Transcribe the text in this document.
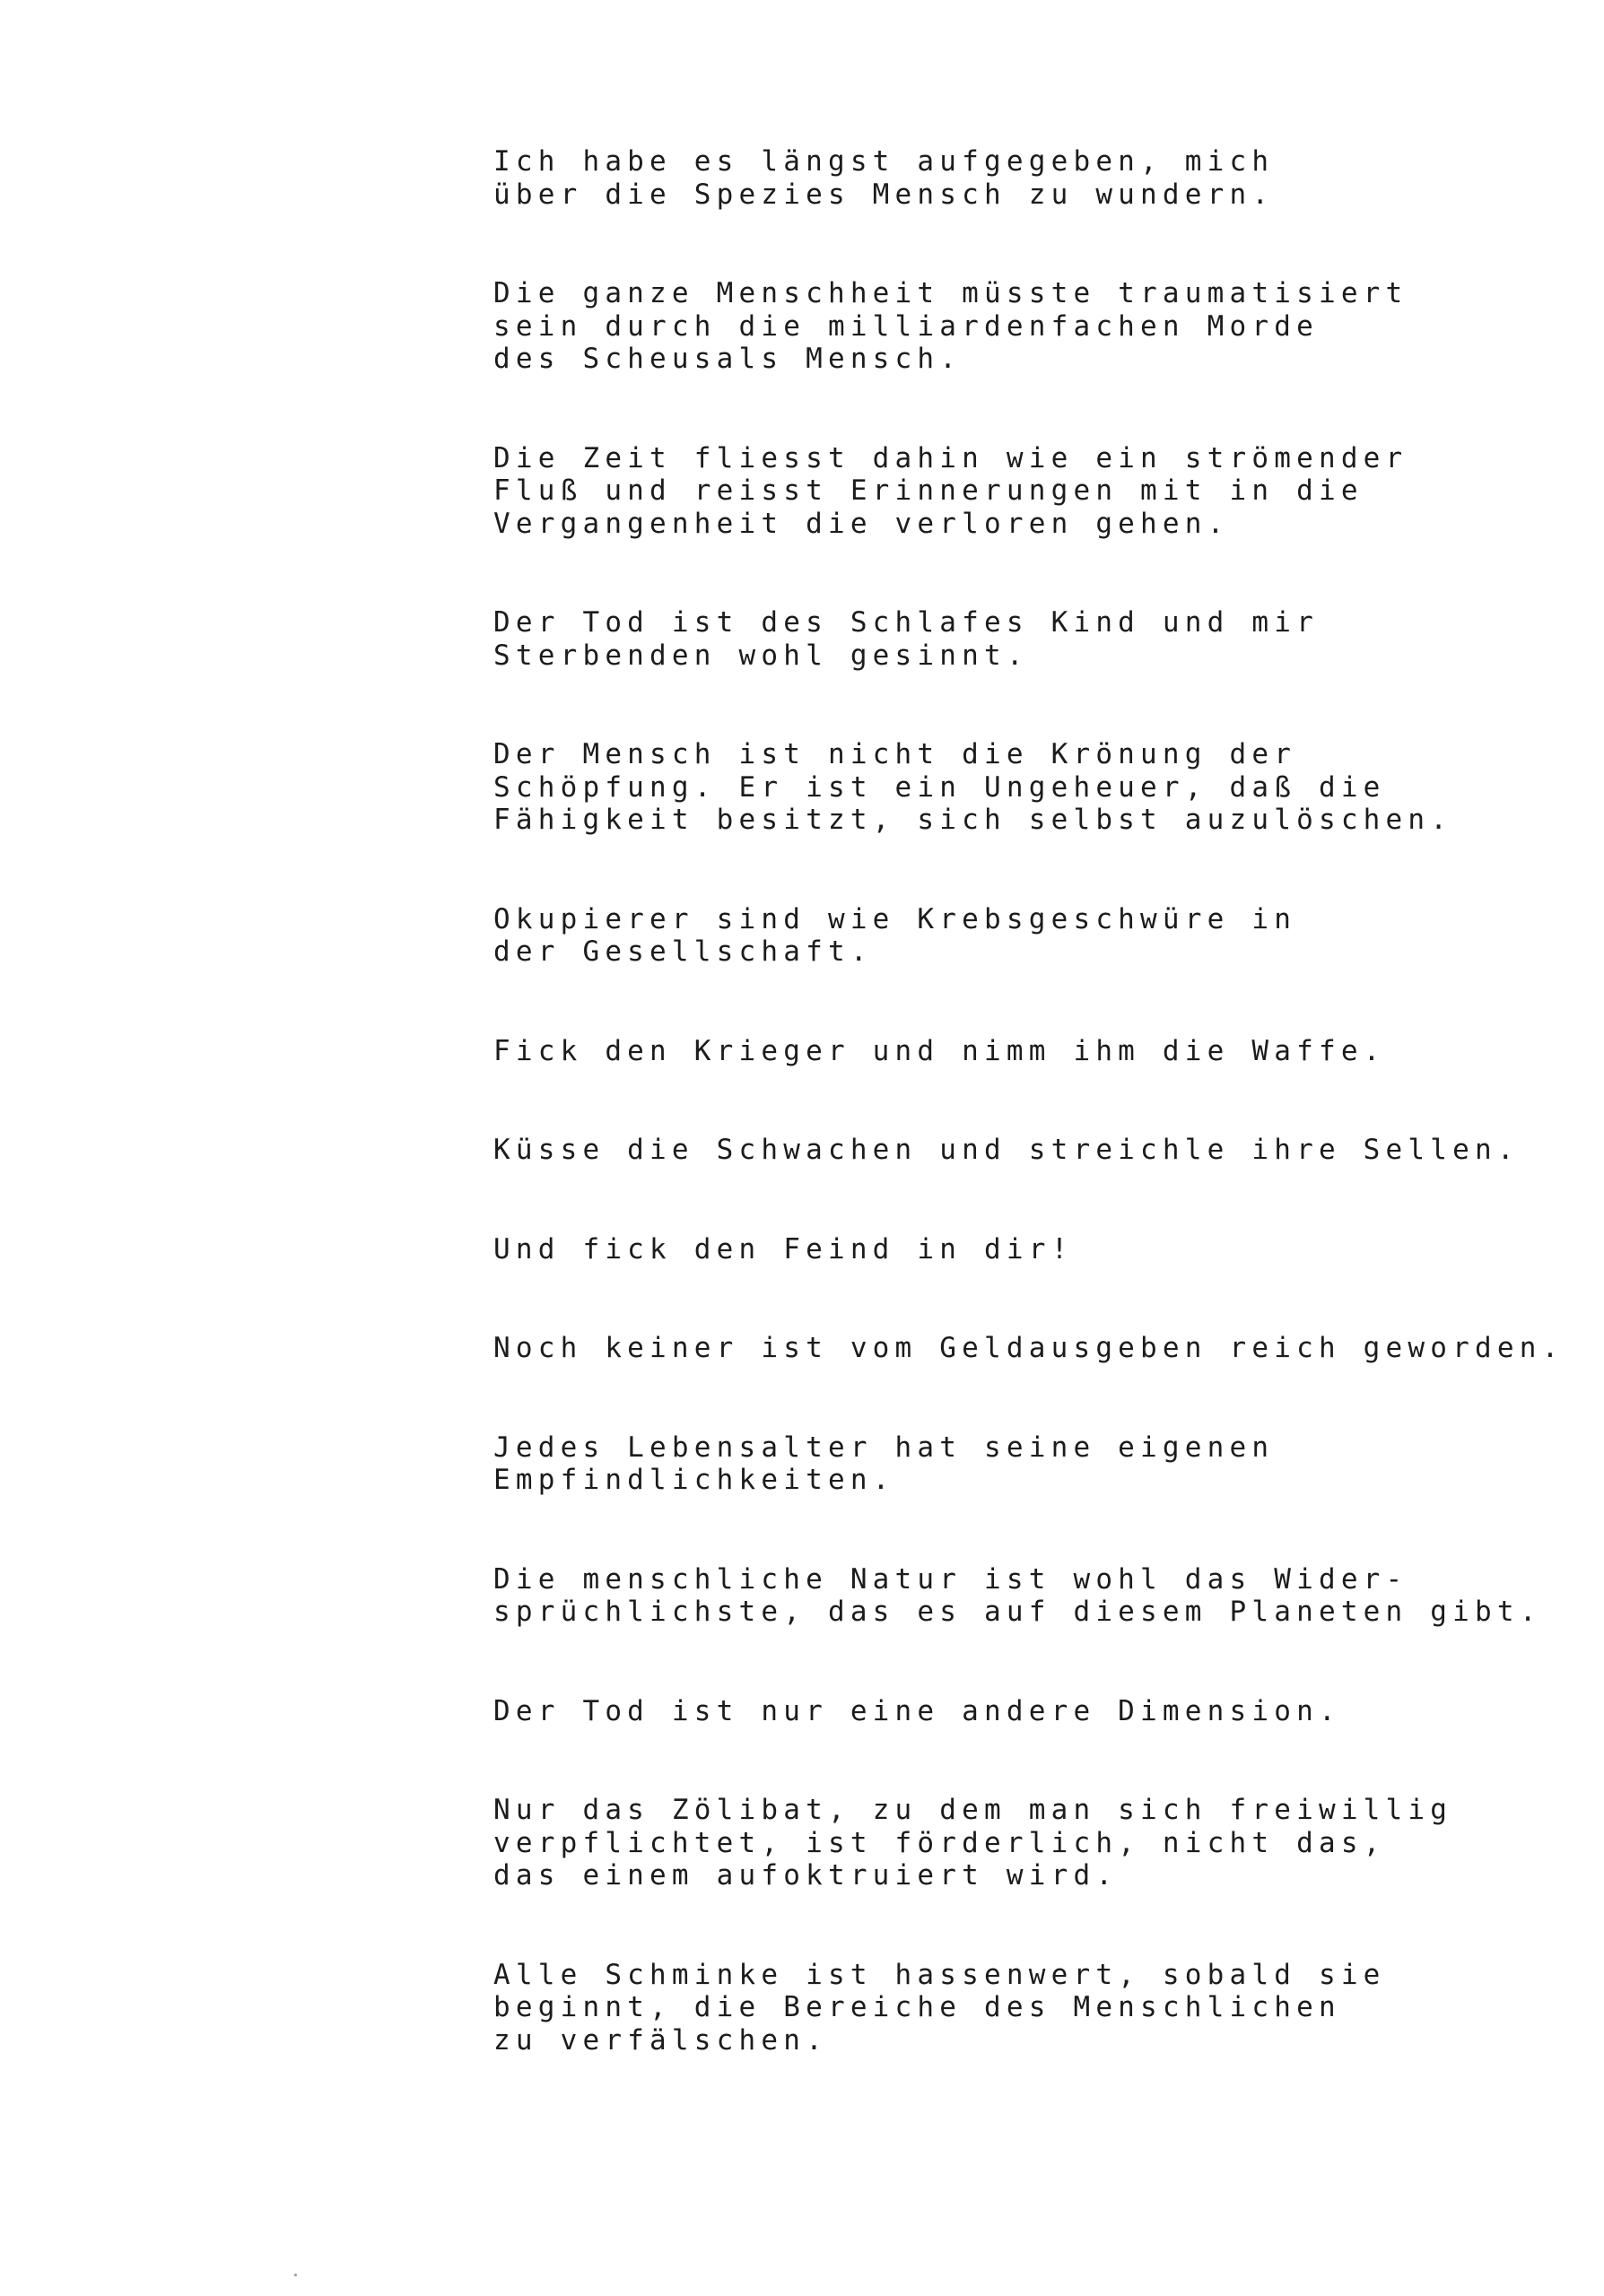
Ich habe es längst aufgegeben, mich
über die Spezies Mensch zu wundern.
Die ganze Menschheit müsste traumatisiert
sein durch die milliardenfachen Morde
des Scheusals Mensch.
Die Zeit fliesst dahin wie ein strömender
Fluß und reisst Erinnerungen mit in die
Vergangenheit die verloren gehen.
Der Tod ist des Schlafes Kind und mir
Sterbenden wohl gesinnt.
Der Mensch ist nicht die Krönung der
Schöpfung. Er ist ein Ungeheuer, daß die
Fähigkeit besitzt, sich selbst auzulöschen.
Okupierer sind wie Krebsgeschwüre in
der Gesellschaft.
Fick den Krieger und nimm ihm die Waffe.
Küsse die Schwachen und streichle ihre Sellen.
Und fick den Feind in dir!
Noch keiner ist vom Geldausgeben reich geworden.
Jedes Lebensalter hat seine eigenen
Empfindlichkeiten.
Die menschliche Natur ist wohl das Wider-
sprüchlichste, das es auf diesem Planeten gibt.
Der Tod ist nur eine andere Dimension.
Nur das Zölibat, zu dem man sich freiwillig
verpflichtet, ist förderlich, nicht das,
das einem aufoktruiert wird.
Alle Schminke ist hassenwert, sobald sie
beginnt, die Bereiche des Menschlichen
zu verfälschen.
